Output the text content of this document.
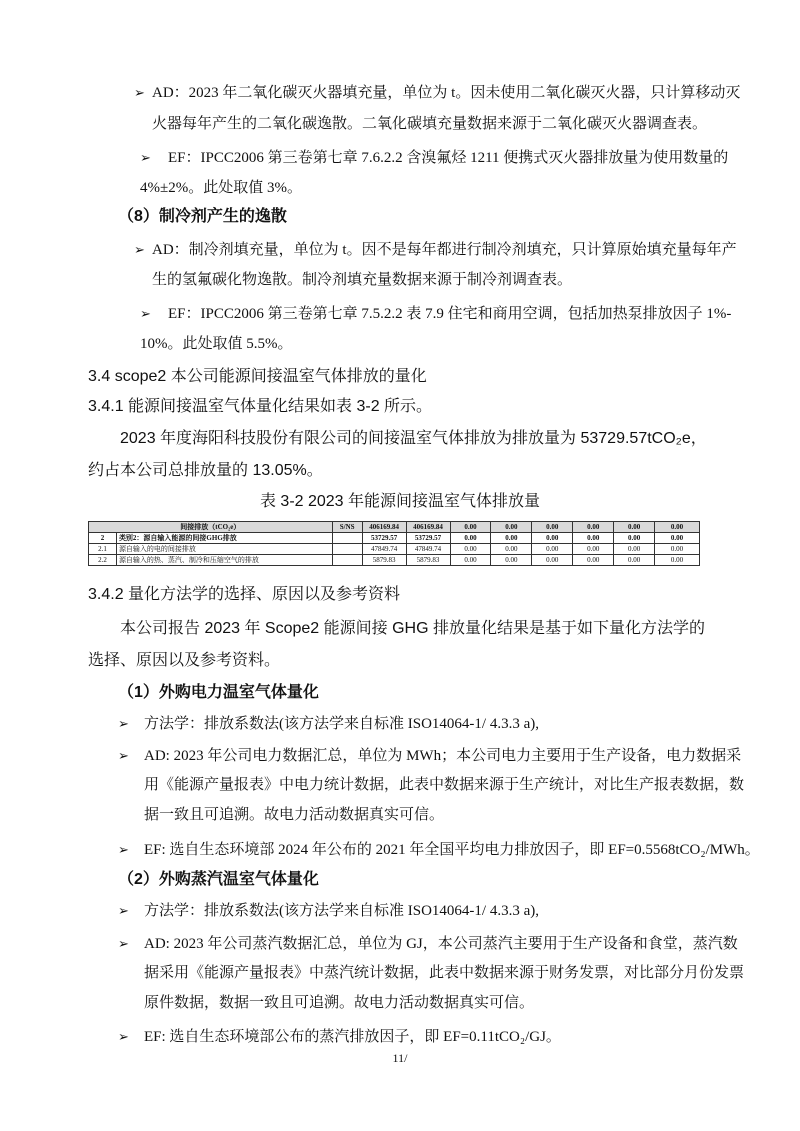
➢ AD：2023 年二氧化碳灭火器填充量，单位为 t。因未使用二氧化碳灭火器，只计算移动灭
火器每年产生的二氧化碳逸散。二氧化碳填充量数据来源于二氧化碳灭火器调查表。
➢ EF：IPCC2006 第三卷第七章 7.6.2.2 含溴氟烃 1211 便携式灭火器排放量为使用数量的
4%±2%。此处取值 3%。
（8）制冷剂产生的逸散
➢ AD：制冷剂填充量，单位为 t。因不是每年都进行制冷剂填充，只计算原始填充量每年产
生的氢氟碳化物逸散。制冷剂填充量数据来源于制冷剂调查表。
➢ EF：IPCC2006 第三卷第七章 7.5.2.2 表 7.9 住宅和商用空调，包括加热泵排放因子 1%-
10%。此处取值 5.5%。
3.4 scope2 本公司能源间接温室气体排放的量化
3.4.1 能源间接温室气体量化结果如表 3-2 所示。
2023 年度海阳科技股份有限公司的间接温室气体排放为排放量为 53729.57tCO₂e，
约占本公司总排放量的 13.05%。
表 3-2 2023 年能源间接温室气体排放量
间接排放（tCO₂e）		S/NS	406169.84	406169.84	0.00	0.00	0.00	0.00	0.00	0.00
2	类别2：源自输入能源的间接GHG排放		53729.57	53729.57	0.00	0.00	0.00	0.00	0.00	0.00
2.1	源自输入的电的间接排放		47849.74	47849.74	0.00	0.00	0.00	0.00	0.00	0.00
2.2	源自输入的热、蒸汽、制冷和压缩空气的排放		5879.83	5879.83	0.00	0.00	0.00	0.00	0.00	0.00
3.4.2 量化方法学的选择、原因以及参考资料
本公司报告 2023 年 Scope2 能源间接 GHG 排放量化结果是基于如下量化方法学的
选择、原因以及参考资料。
（1）外购电力温室气体量化
➢ 方法学：排放系数法(该方法学来自标准 ISO14064-1/ 4.3.3 a),
➢ AD: 2023 年公司电力数据汇总，单位为 MWh；本公司电力主要用于生产设备，电力数据采
用《能源产量报表》中电力统计数据，此表中数据来源于生产统计，对比生产报表数据，数
据一致且可追溯。故电力活动数据真实可信。
➢ EF: 选自生态环境部 2024 年公布的 2021 年全国平均电力排放因子，即 EF=0.5568tCO₂/MWh。
（2）外购蒸汽温室气体量化
➢ 方法学：排放系数法(该方法学来自标准 ISO14064-1/ 4.3.3 a),
➢ AD: 2023 年公司蒸汽数据汇总，单位为 GJ，本公司蒸汽主要用于生产设备和食堂，蒸汽数
据采用《能源产量报表》中蒸汽统计数据，此表中数据来源于财务发票，对比部分月份发票
原件数据，数据一致且可追溯。故电力活动数据真实可信。
➢ EF: 选自生态环境部公布的蒸汽排放因子，即 EF=0.11tCO₂/GJ。
11/
